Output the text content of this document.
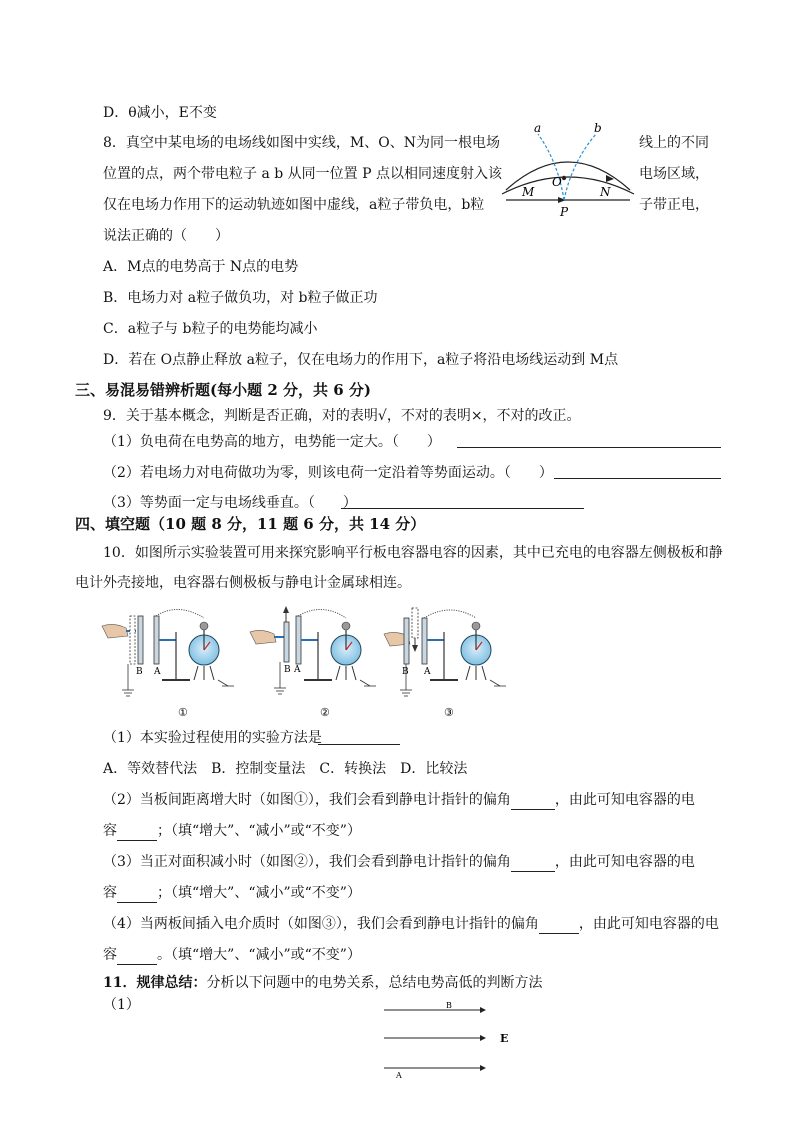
D．θ减小，E不变
8．真空中某电场的电场线如图中实线，M、O、N为同一根电场	线上的不同
位置的点，两个带电粒子 a b 从同一位置 P 点以相同速度射入该	电场区域，
仅在电场力作用下的运动轨迹如图中虚线，a粒子带负电，b粒	子带正电，
说法正确的（　　）
a	b
M
O
N
P
A．M点的电势高于 N点的电势
B．电场力对 a粒子做负功，对 b粒子做正功
C．a粒子与 b粒子的电势能均减小
D．若在 O点静止释放 a粒子，仅在电场力的作用下，a粒子将沿电场线运动到 M点
三、易混易错辨析题(每小题 2 分，共 6 分)
9．关于基本概念，判断是否正确，对的表明√，不对的表明×，不对的改正。
（1）负电荷在电势高的地方，电势能一定大。（　　）
（2）若电场力对电荷做功为零，则该电荷一定沿着等势面运动。（　　）
（3）等势面一定与电场线垂直。（　　）
四、填空题（10 题 8 分，11 题 6 分，共 14 分）
10．如图所示实验装置可用来探究影响平行板电容器电容的因素，其中已充电的电容器左侧极板和静
电计外壳接地，电容器右侧极板与静电计金属球相连。
B A
①
B A
②
B A
③
（1）本实验过程使用的实验方法是
A．等效替代法　B．控制变量法　C．转换法　D．比较法
（2）当板间距离增大时（如图①），我们会看到静电计指针的偏角	，由此可知电容器的电
容	；（填“增大”、“减小”或“不变”）
（3）当正对面积减小时（如图②），我们会看到静电计指针的偏角	，由此可知电容器的电
容	；（填“增大”、“减小”或“不变”）
（4）当两板间插入电介质时（如图③），我们会看到静电计指针的偏角	，由此可知电容器的电
容	。（填“增大”、“减小”或“不变”）
11．规律总结：分析以下问题中的电势关系，总结电势高低的判断方法
（1）	B
A
E
